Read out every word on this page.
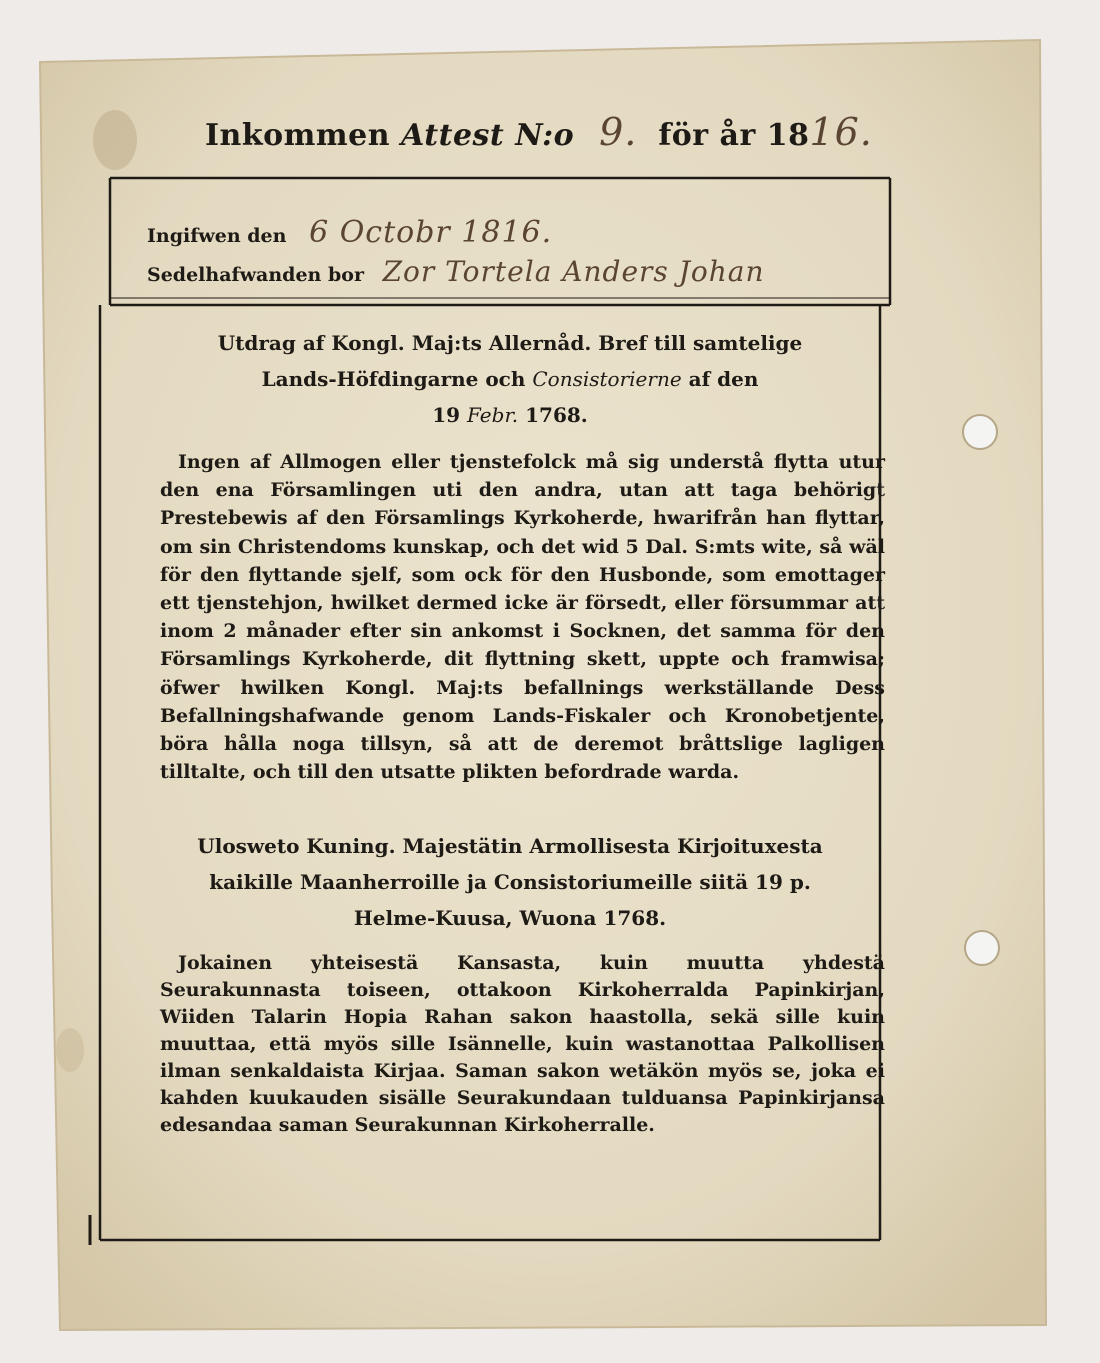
Inkommen Attest N:o 9. för år 1816.
Ingifwen den 6 Octobr 1816.
Sedelhafwanden bor Zor Tortela Anders Johan
Utdrag af Kongl. Maj:ts Allernåd. Bref till samtelige
Lands-Höfdingarne och Consistorierne af den
19 Febr. 1768.
Ingen af Allmogen eller tjenstefolck må sig understå flytta utur den ena Församlingen uti den andra, utan att taga behörigt Prestebewis af den Församlings Kyrkoherde, hwarifrån han flyttar, om sin Christendoms kunskap, och det wid 5 Dal. S:mts wite, så wäl för den flyttande sjelf, som ock för den Husbonde, som emottager ett tjenstehjon, hwilket dermed icke är försedt, eller försummar att inom 2 månader efter sin ankomst i Socknen, det samma för den Församlings Kyrkoherde, dit flyttning skett, uppte och framwisa; öfwer hwilken Kongl. Maj:ts befallnings werkställande Dess Befallningshafwande genom Lands-Fiskaler och Kronobetjente, böra hålla noga tillsyn, så att de deremot bråttslige lagligen tilltalte, och till den utsatte plikten befordrade warda.
Ulosweto Kuning. Majestätin Armollisesta Kirjoituxesta
kaikille Maanherroille ja Consistoriumeille siitä 19 p.
Helme-Kuusa, Wuona 1768.
Jokainen yhteisestä Kansasta, kuin muutta yhdestä Seurakunnasta toiseen, ottakoon Kirkoherralda Papinkirjan, Wiiden Talarin Hopia Rahan sakon haastolla, sekä sille kuin muuttaa, että myös sille Isännelle, kuin wastanottaa Palkollisen ilman senkaldaista Kirjaa. Saman sakon wetäkön myös se, joka ei kahden kuukauden sisälle Seurakundaan tulduansa Papinkirjansa edesandaa saman Seurakunnan Kirkoherralle.
